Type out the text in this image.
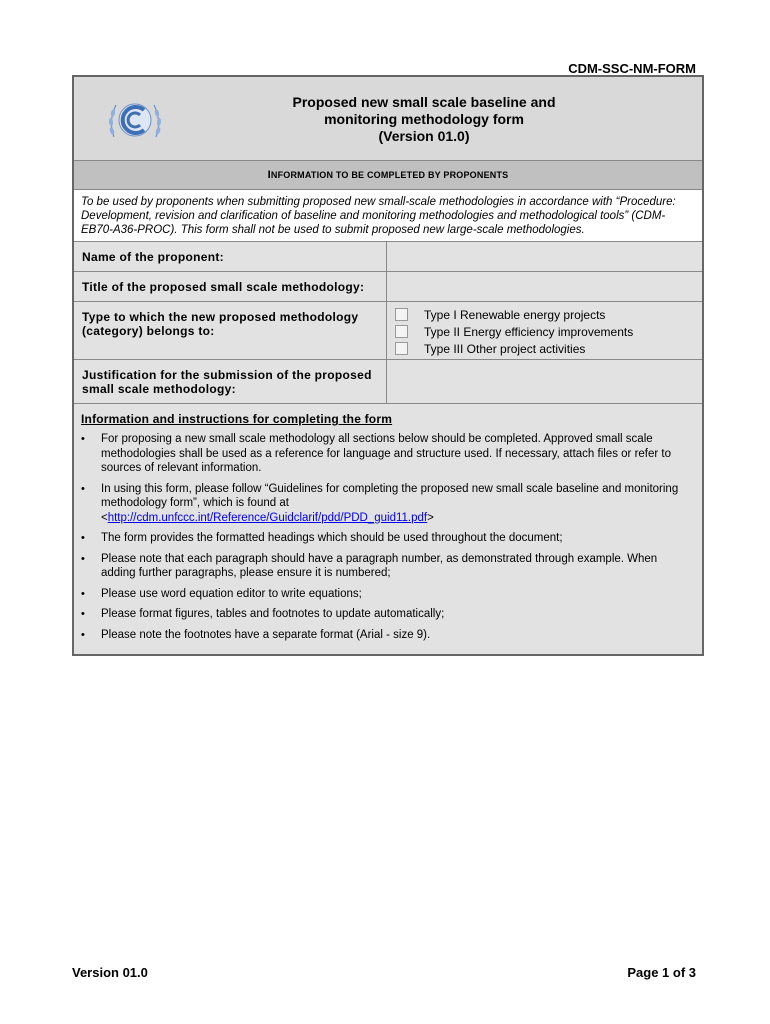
CDM-SSC-NM-FORM
Proposed new small scale baseline and
monitoring methodology form
(Version 01.0)
INFORMATION TO BE COMPLETED BY PROPONENTS
To be used by proponents when submitting proposed new small-scale methodologies in accordance with “Procedure: Development, revision and clarification of baseline and monitoring methodologies and methodological tools” (CDM-EB70-A36-PROC). This form shall not be used to submit proposed new large-scale methodologies.
Name of the proponent:
Title of the proposed small scale methodology:
Type to which the new proposed methodology (category) belongs to:
Type I Renewable energy projects
Type II Energy efficiency improvements
Type III Other project activities
Justification for the submission of the proposed small scale methodology:
Information and instructions for completing the form
• For proposing a new small scale methodology all sections below should be completed. Approved small scale methodologies shall be used as a reference for language and structure used. If necessary, attach files or refer to sources of relevant information.
• In using this form, please follow “Guidelines for completing the proposed new small scale baseline and monitoring methodology form”, which is found at
<http://cdm.unfccc.int/Reference/Guidclarif/pdd/PDD_guid11.pdf>
• The form provides the formatted headings which should be used throughout the document;
• Please note that each paragraph should have a paragraph number, as demonstrated through example. When adding further paragraphs, please ensure it is numbered;
• Please use word equation editor to write equations;
• Please format figures, tables and footnotes to update automatically;
• Please note the footnotes have a separate format (Arial - size 9).
Version 01.0	Page 1 of 3
